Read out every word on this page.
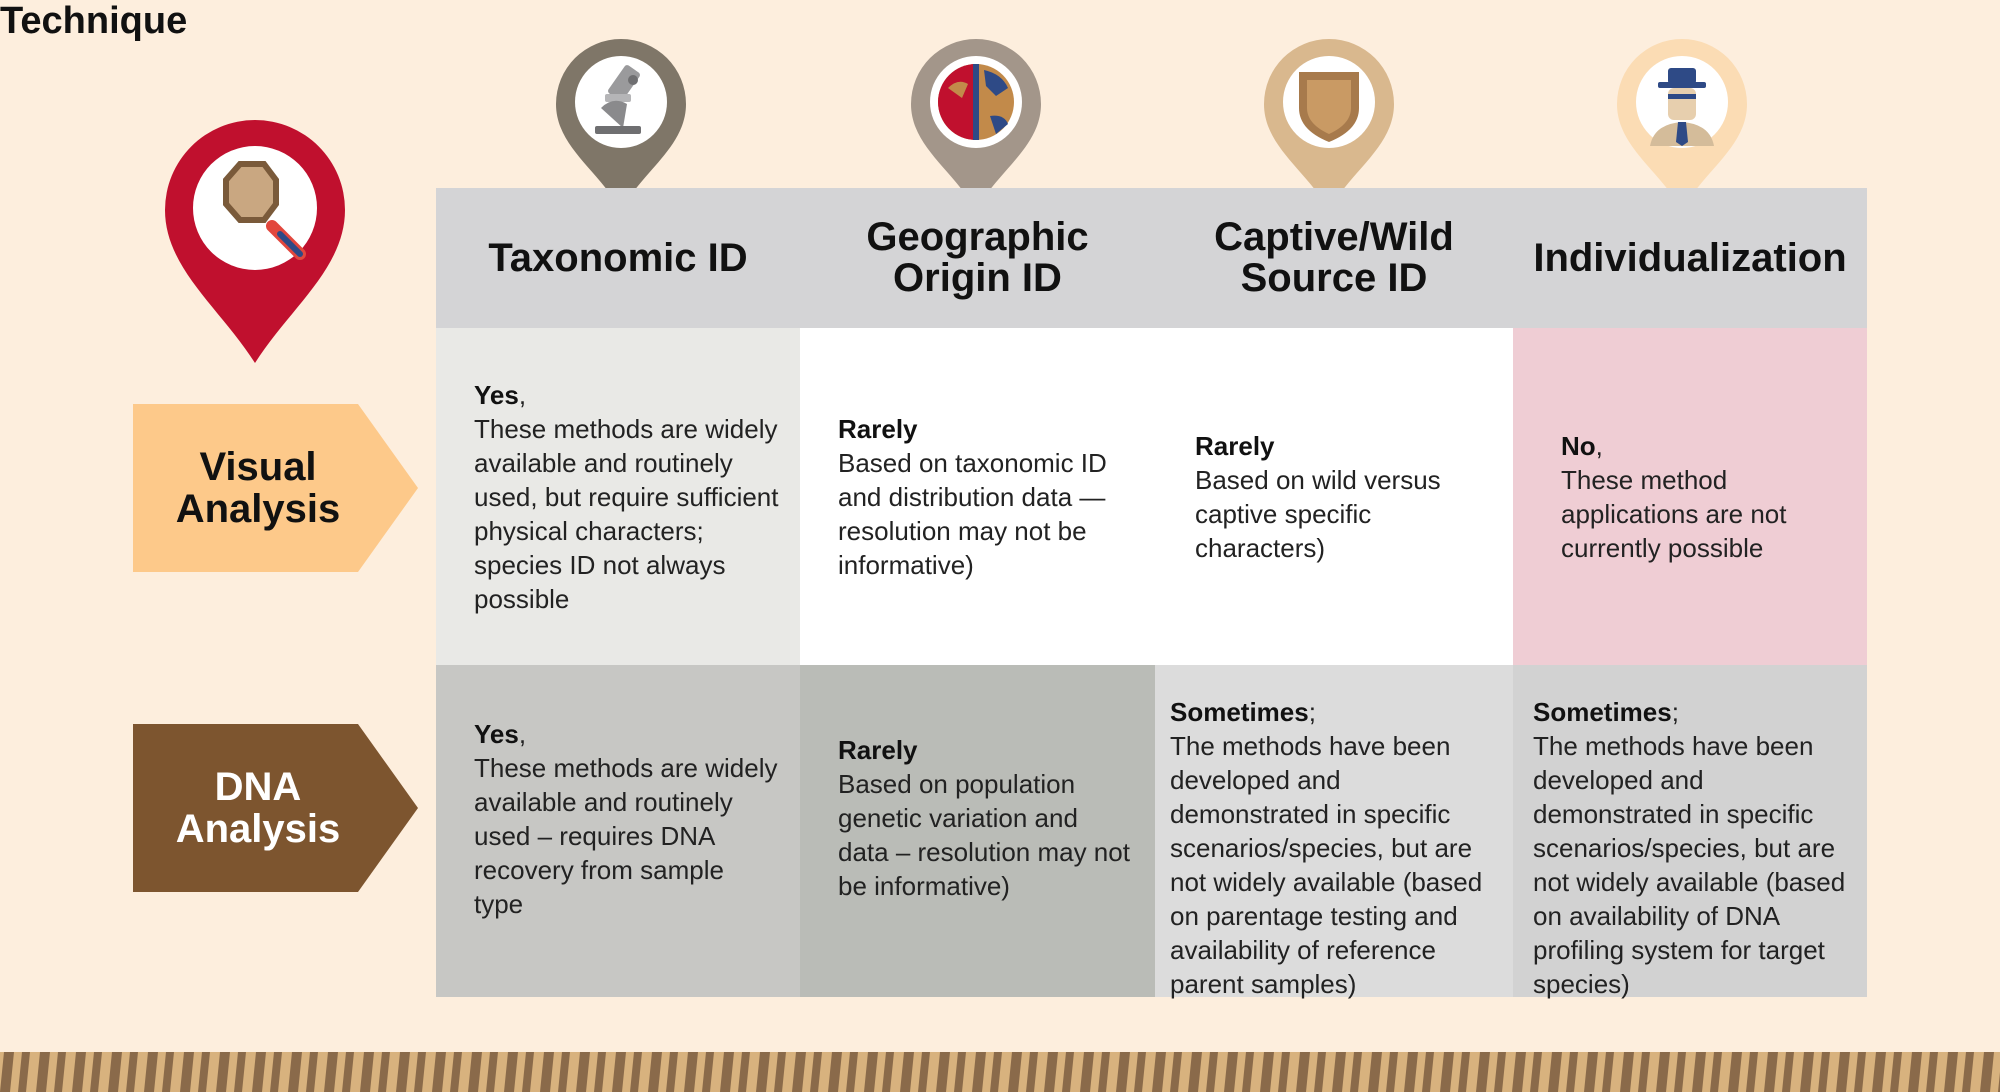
Technique
Taxonomic ID	Geographic
Origin ID
Captive/Wild
Source ID	Individualization
Visual
Analysis
DNA
Analysis
Yes,
These methods are widely available and routinely used, but require sufficient physical characters; species ID not always possible
Rarely
Based on taxonomic ID and distribution data — resolution may not be informative)
Rarely
Based on wild versus captive specific characters)
No,
These method applications are not currently possible
Yes,
These methods are widely available and routinely used – requires DNA recovery from sample type
Rarely
Based on population genetic variation and data – resolution may not be informative)
Sometimes;
The methods have been developed and demonstrated in specific scenarios/species, but are not widely available (based on parentage testing and availability of reference parent samples)
Sometimes;
The methods have been developed and demonstrated in specific scenarios/species, but are not widely available (based on availability of DNA profiling system for target species)
